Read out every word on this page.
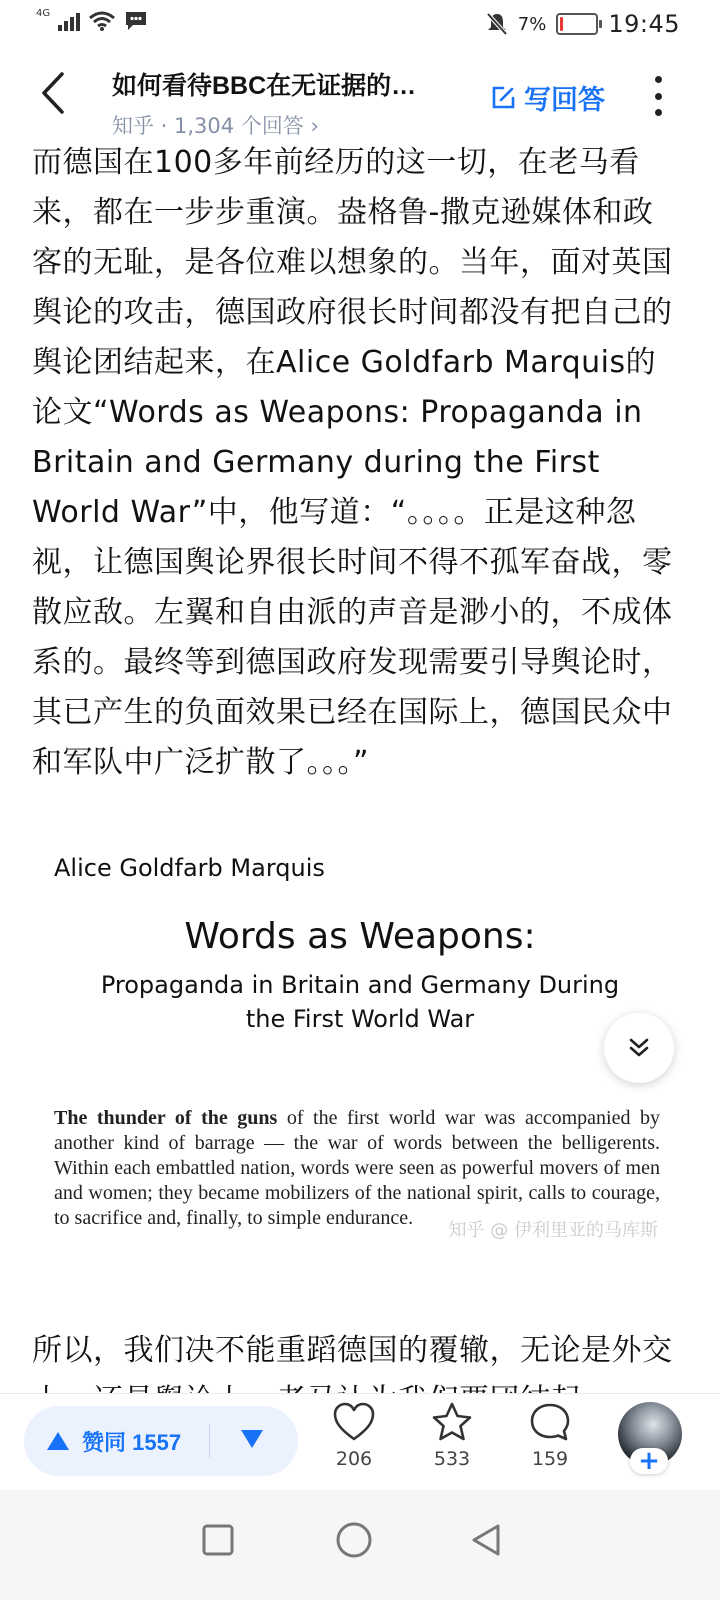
4G
7%	19:45
如何看待BBC在无证据的…
知乎 · 1,304 个回答 ›
写回答

而德国在100多年前经历的这一切，在老马看来，都在一步步重演。盎格鲁-撒克逊媒体和政客的无耻，是各位难以想象的。当年，面对英国舆论的攻击，德国政府很长时间都没有把自己的舆论团结起来，在Alice Goldfarb Marquis的论文“Words as Weapons: Propaganda in Britain and Germany during the First World War”中，他写道：“。。。。正是这种忽视，让德国舆论界很长时间不得不孤军奋战，零散应敌。左翼和自由派的声音是渺小的，不成体系的。最终等到德国政府发现需要引导舆论时，其已产生的负面效果已经在国际上，德国民众中和军队中广泛扩散了。。。”

Alice Goldfarb Marquis
Words as Weapons:
Propaganda in Britain and Germany During
the First World War
The thunder of the guns of the first world war was accompanied by another kind of barrage — the war of words between the belligerents. Within each embattled nation, words were seen as powerful movers of men and women; they became mobilizers of the national spirit, calls to courage, to sacrifice and, finally, to simple endurance.
知乎 @ 伊利里亚的马库斯

所以，我们决不能重蹈德国的覆辙，无论是外交

赞同 1557
206	533	159	+
